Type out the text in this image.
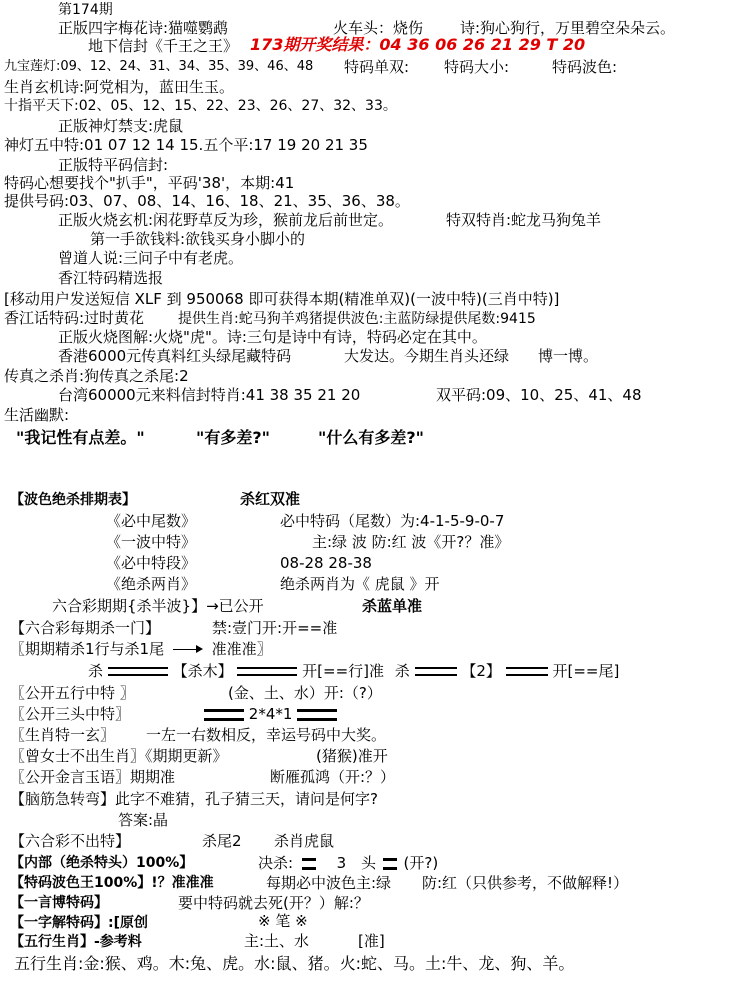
第174期
正版四字梅花诗:猫噬鹦鹉	火车头：烧伤 诗:狗心狗行，万里碧空朵朵云。
地下信封《千王之王》 173期开奖结果：04 36 06 26 21 29 T 20
九宝莲灯:09、12、24、31、34、35、39、46、48 特码单双: 特码大小:	特码波色:
生肖玄机诗:阿党相为，蓝田生玉。
十指平天下:02、05、12、15、22、23、26、27、32、33。
正版神灯禁支:虎鼠
神灯五中特:01 07 12 14 15.五个平:17 19 20 21 35
正版特平码信封:
特码心想要找个"扒手"，平码'38'，本期:41
提供号码:03、07、08、14、16、18、21、35、36、38。
正版火烧玄机:闲花野草反为珍，猴前龙后前世定。	特双特肖:蛇龙马狗兔羊
第一手欲钱料:欲钱买身小脚小的
曾道人说:三问子中有老虎。
香江特码精选报
[移动用户发送短信 XLF 到 950068 即可获得本期(精准单双)(一波中特)(三肖中特)]
香江话特码:过时黄花 提供生肖:蛇马狗羊鸡猪提供波色:主蓝防绿提供尾数:9415
正版火烧图解:火烧"虎"。诗:三句是诗中有诗，特码必定在其中。
香港6000元传真料红头绿尾藏特码	大发达。今期生肖头还绿 博一博。
传真之杀肖:狗传真之杀尾:2
台湾60000元来料信封特肖:41 38 35 21 20	双平码:09、10、25、41、48
生活幽默:
"我记性有点差。"	"有多差?"	"什么有多差?"
【波色绝杀排期表】	杀红双准
《必中尾数》	必中特码（尾数）为:4-1-5-9-0-7
《一波中特》	主:绿 波 防:红 波《开?？准》
《必中特段》	08-28 28-38
《绝杀两肖》	绝杀两肖为《 虎鼠 》开
六合彩期期{杀半波}】→已公开	杀蓝单准
【六合彩每期杀一门】	禁:壹门开:开==准
〖期期精杀1行与杀1尾	准准准〗
杀	【杀木】	开[==行]准 杀	【2】	开[==尾]
〖公开五行中特 〗	(金、土、水）开:（?）
〖公开三头中特〗	2*4*1
〖生肖特一玄〗 一左一右数相反，幸运号码中大奖。
〖曾女士不出生肖〗《期期更新》	(猪猴)准开
〖公开金言玉语〗期期准	断雁孤鸿（开:？）
【脑筋急转弯】此字不难猜，孔子猜三天，请问是何字?
答案:晶
【六合彩不出特】	杀尾2 杀肖虎鼠
【内部（绝杀特头）100%】	决杀:	3 头 (开?)
【特码波色王100%】!？准准准	每期必中波色主:绿 防:红（只供参考，不做解释!）
【一言博特码】	要中特码就去死(开？）解:？
【一字解特码】:[原创	※ 笔 ※
【五行生肖】-参考料	主:土、水	[准]
五行生肖:金:猴、鸡。木:兔、虎。水:鼠、猪。火:蛇、马。土:牛、龙、狗、羊。
